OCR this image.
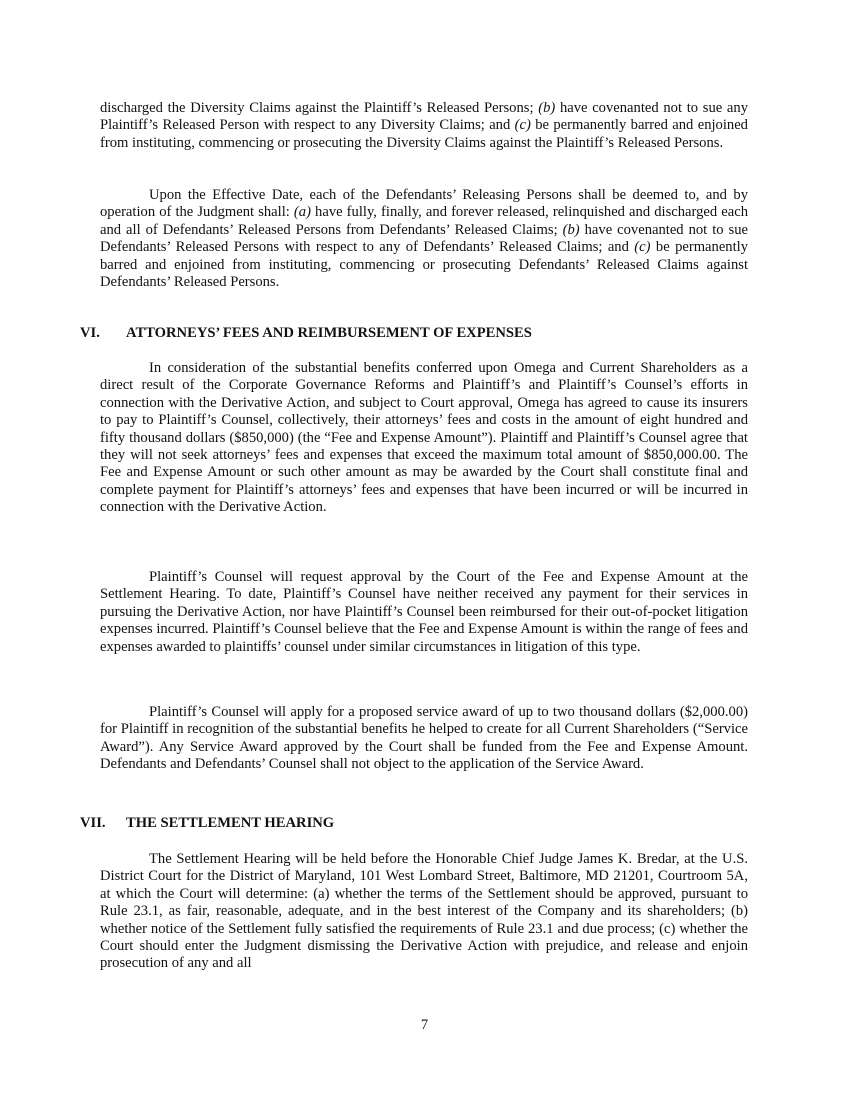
discharged the Diversity Claims against the Plaintiff’s Released Persons; (b) have covenanted not to sue any Plaintiff’s Released Person with respect to any Diversity Claims; and (c) be permanently barred and enjoined from instituting, commencing or prosecuting the Diversity Claims against the Plaintiff’s Released Persons.

Upon the Effective Date, each of the Defendants’ Releasing Persons shall be deemed to, and by operation of the Judgment shall: (a) have fully, finally, and forever released, relinquished and discharged each and all of Defendants’ Released Persons from Defendants’ Released Claims; (b) have covenanted not to sue Defendants’ Released Persons with respect to any of Defendants’ Released Claims; and (c) be permanently barred and enjoined from instituting, commencing or prosecuting Defendants’ Released Claims against Defendants’ Released Persons.

VI. ATTORNEYS’ FEES AND REIMBURSEMENT OF EXPENSES

In consideration of the substantial benefits conferred upon Omega and Current Shareholders as a direct result of the Corporate Governance Reforms and Plaintiff’s and Plaintiff’s Counsel’s efforts in connection with the Derivative Action, and subject to Court approval, Omega has agreed to cause its insurers to pay to Plaintiff’s Counsel, collectively, their attorneys’ fees and costs in the amount of eight hundred and fifty thousand dollars ($850,000) (the “Fee and Expense Amount”). Plaintiff and Plaintiff’s Counsel agree that they will not seek attorneys’ fees and expenses that exceed the maximum total amount of $850,000.00. The Fee and Expense Amount or such other amount as may be awarded by the Court shall constitute final and complete payment for Plaintiff’s attorneys’ fees and expenses that have been incurred or will be incurred in connection with the Derivative Action.

Plaintiff’s Counsel will request approval by the Court of the Fee and Expense Amount at the Settlement Hearing. To date, Plaintiff’s Counsel have neither received any payment for their services in pursuing the Derivative Action, nor have Plaintiff’s Counsel been reimbursed for their out-of-pocket litigation expenses incurred. Plaintiff’s Counsel believe that the Fee and Expense Amount is within the range of fees and expenses awarded to plaintiffs’ counsel under similar circumstances in litigation of this type.

Plaintiff’s Counsel will apply for a proposed service award of up to two thousand dollars ($2,000.00) for Plaintiff in recognition of the substantial benefits he helped to create for all Current Shareholders (“Service Award”). Any Service Award approved by the Court shall be funded from the Fee and Expense Amount. Defendants and Defendants’ Counsel shall not object to the application of the Service Award.

VII. THE SETTLEMENT HEARING

The Settlement Hearing will be held before the Honorable Chief Judge James K. Bredar, at the U.S. District Court for the District of Maryland, 101 West Lombard Street, Baltimore, MD 21201, Courtroom 5A, at which the Court will determine: (a) whether the terms of the Settlement should be approved, pursuant to Rule 23.1, as fair, reasonable, adequate, and in the best interest of the Company and its shareholders; (b) whether notice of the Settlement fully satisfied the requirements of Rule 23.1 and due process; (c) whether the Court should enter the Judgment dismissing the Derivative Action with prejudice, and release and enjoin prosecution of any and all

7
